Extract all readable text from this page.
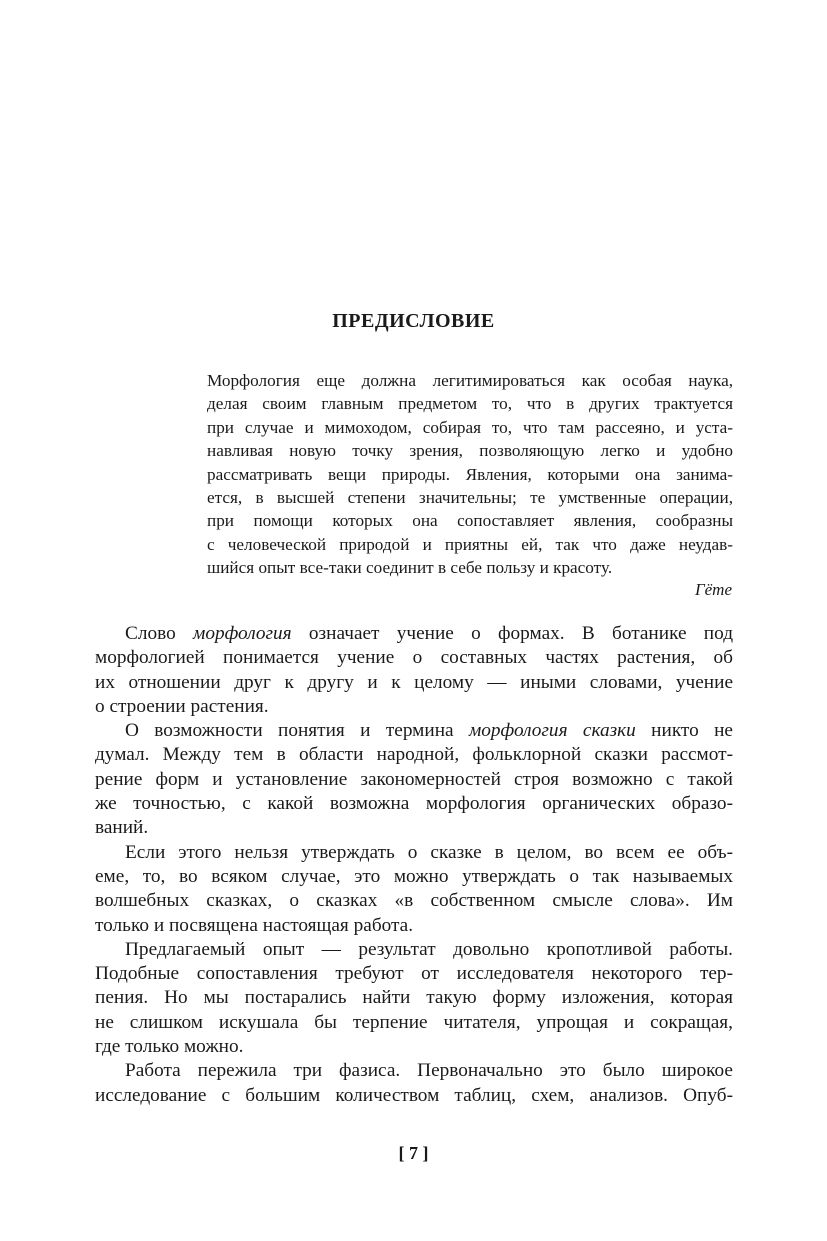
ПРЕДИСЛОВИЕ
Морфология еще должна легитимироваться как особая наука,
делая своим главным предметом то, что в других трактуется
при случае и мимоходом, собирая то, что там рассеяно, и уста-
навливая новую точку зрения, позволяющую легко и удобно
рассматривать вещи природы. Явления, которыми она занима-
ется, в высшей степени значительны; те умственные операции,
при помощи которых она сопоставляет явления, сообразны
с человеческой природой и приятны ей, так что даже неудав-
шийся опыт все-таки соединит в себе пользу и красоту.
Гёте
Слово морфология означает учение о формах. В ботанике под
морфологией понимается учение о составных частях растения, об
их отношении друг к другу и к целому — иными словами, учение
о строении растения.
О возможности понятия и термина морфология сказки никто не
думал. Между тем в области народной, фольклорной сказки рассмот-
рение форм и установление закономерностей строя возможно с такой
же точностью, с какой возможна морфология органических образо-
ваний.
Если этого нельзя утверждать о сказке в целом, во всем ее объ-
еме, то, во всяком случае, это можно утверждать о так называемых
волшебных сказках, о сказках «в собственном смысле слова». Им
только и посвящена настоящая работа.
Предлагаемый опыт — результат довольно кропотливой работы.
Подобные сопоставления требуют от исследователя некоторого тер-
пения. Но мы постарались найти такую форму изложения, которая
не слишком искушала бы терпение читателя, упрощая и сокращая,
где только можно.
Работа пережила три фазиса. Первоначально это было широкое
исследование с большим количеством таблиц, схем, анализов. Опуб-
[ 7 ]
